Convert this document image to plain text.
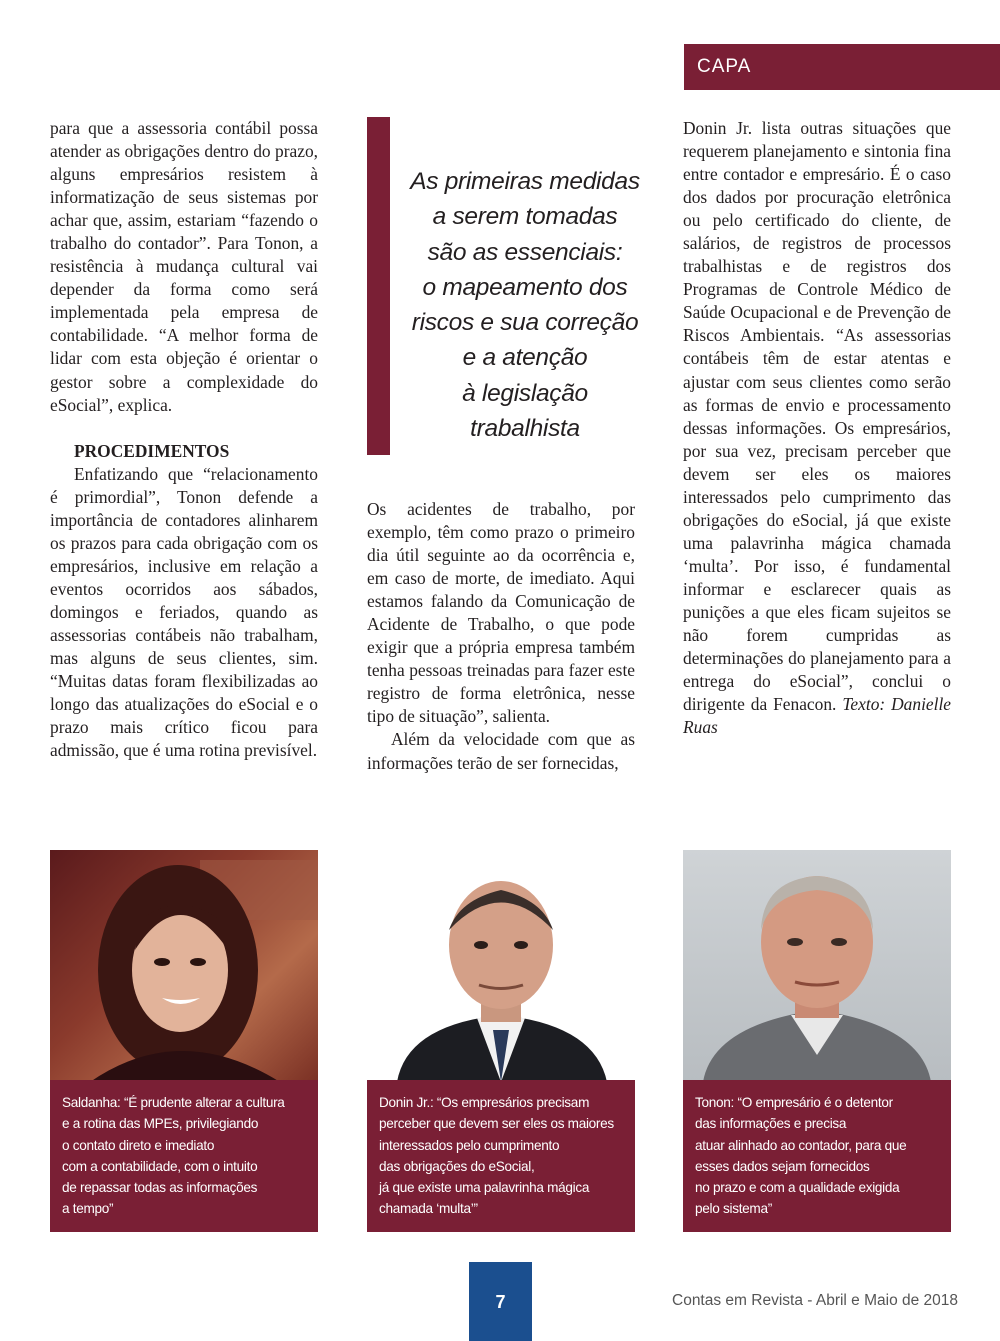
CAPA

para que a assessoria contábil possa atender as obrigações dentro do prazo, alguns empresários resistem à informatização de seus sistemas por achar que, assim, estariam “fazendo o trabalho do contador”. Para Tonon, a resistência à mudança cultural vai depender da forma como será implementada pela empresa de contabilidade. “A melhor forma de lidar com esta objeção é orientar o gestor sobre a complexidade do eSocial”, explica.

PROCEDIMENTOS

Enfatizando que “relacionamento é primordial”, Tonon defende a importância de contadores alinharem os prazos para cada obrigação com os empresários, inclusive em relação a eventos ocorridos aos sábados, domingos e feriados, quando as assessorias contábeis não trabalham, mas alguns de seus clientes, sim. “Muitas datas foram flexibilizadas ao longo das atualizações do eSocial e o prazo mais crítico ficou para admissão, que é uma rotina previsível.

As primeiras medidas
a serem tomadas
são as essenciais:
o mapeamento dos
riscos e sua correção
e a atenção
à legislação trabalhista

Os acidentes de trabalho, por exemplo, têm como prazo o primeiro dia útil seguinte ao da ocorrência e, em caso de morte, de imediato. Aqui estamos falando da Comunicação de Acidente de Trabalho, o que pode exigir que a própria empresa também tenha pessoas treinadas para fazer este registro de forma eletrônica, nesse tipo de situação”, salienta.

Além da velocidade com que as informações terão de ser fornecidas,

Donin Jr. lista outras situações que requerem planejamento e sintonia fina entre contador e empresário. É o caso dos dados por procuração eletrônica ou pelo certificado do cliente, de salários, de registros de processos trabalhistas e de registros dos Programas de Controle Médico de Saúde Ocupacional e de Prevenção de Riscos Ambientais. “As assessorias contábeis têm de estar atentas e ajustar com seus clientes como serão as formas de envio e processamento dessas informações. Os empresários, por sua vez, precisam perceber que devem ser eles os maiores interessados pelo cumprimento das obrigações do eSocial, já que existe uma palavrinha mágica chamada ‘multa’. Por isso, é fundamental informar e esclarecer quais as punições a que eles ficam sujeitos se não forem cumpridas as determinações do planejamento para a entrega do eSocial”, conclui o dirigente da Fenacon. Texto: Danielle Ruas

Saldanha: “É prudente alterar a cultura
e a rotina das MPEs, privilegiando
o contato direto e imediato
com a contabilidade, com o intuito
de repassar todas as informações
a tempo”
Donin Jr.: “Os empresários precisam
perceber que devem ser eles os maiores
interessados pelo cumprimento
das obrigações do eSocial,
já que existe uma palavrinha mágica
chamada ‘multa’”
Tonon: “O empresário é o detentor
das informações e precisa
atuar alinhado ao contador, para que
esses dados sejam fornecidos
no prazo e com a qualidade exigida
pelo sistema”
7	Contas em Revista - Abril e Maio de 2018
